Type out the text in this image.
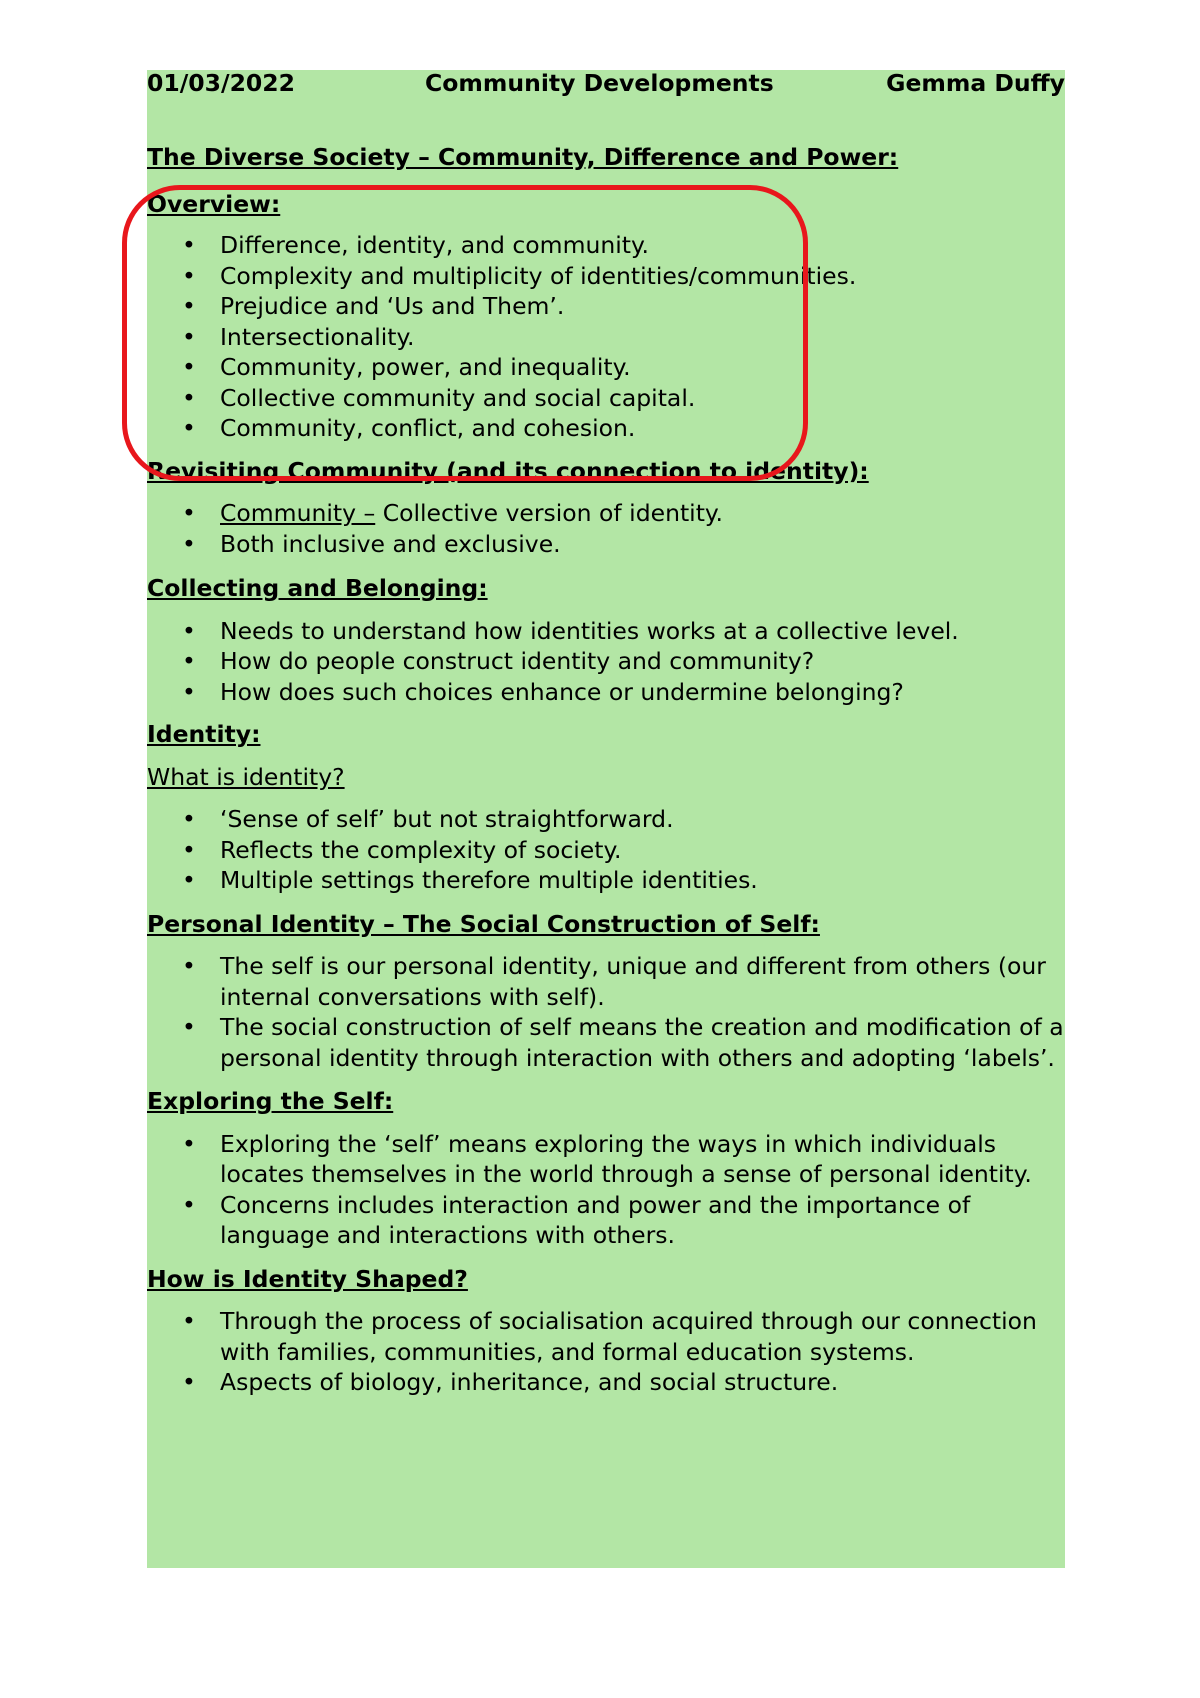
01/03/2022	Community Developments	Gemma Duffy

The Diverse Society – Community, Difference and Power:

Overview:

• Difference, identity, and community.
• Complexity and multiplicity of identities/communities.
• Prejudice and ‘Us and Them’.
• Intersectionality.
• Community, power, and inequality.
• Collective community and social capital.
• Community, conflict, and cohesion.

Revisiting Community (and its connection to identity):

• Community – Collective version of identity.
• Both inclusive and exclusive.

Collecting and Belonging:

• Needs to understand how identities works at a collective level.
• How do people construct identity and community?
• How does such choices enhance or undermine belonging?

Identity:

What is identity?

• ‘Sense of self’ but not straightforward.
• Reflects the complexity of society.
• Multiple settings therefore multiple identities.

Personal Identity – The Social Construction of Self:

• The self is our personal identity, unique and different from others (our internal conversations with self).
• The social construction of self means the creation and modification of a personal identity through interaction with others and adopting ‘labels’.

Exploring the Self:

• Exploring the ‘self’ means exploring the ways in which individuals locates themselves in the world through a sense of personal identity.
• Concerns includes interaction and power and the importance of language and interactions with others.

How is Identity Shaped?

• Through the process of socialisation acquired through our connection with families, communities, and formal education systems.
• Aspects of biology, inheritance, and social structure.
